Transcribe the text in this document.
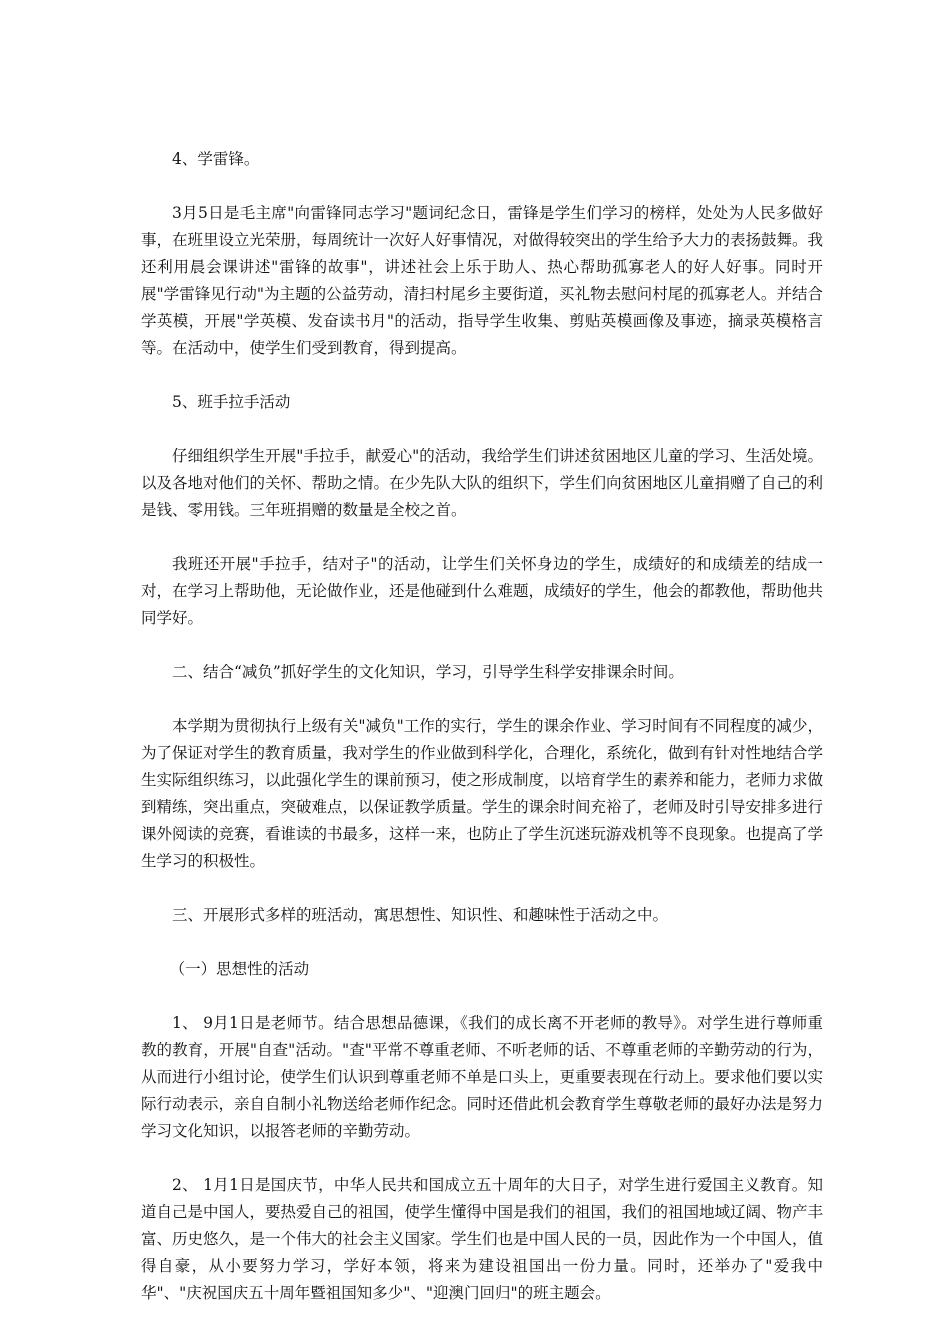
4、学雷锋。

3月5日是毛主席"向雷锋同志学习"题词纪念日，雷锋是学生们学习的榜样，处处为人民多做好事，在班里设立光荣册，每周统计一次好人好事情况，对做得较突出的学生给予大力的表扬鼓舞。我还利用晨会课讲述"雷锋的故事"，讲述社会上乐于助人、热心帮助孤寡老人的好人好事。同时开展"学雷锋见行动"为主题的公益劳动，清扫村尾乡主要街道，买礼物去慰问村尾的孤寡老人。并结合学英模，开展"学英模、发奋读书月"的活动，指导学生收集、剪贴英模画像及事迹，摘录英模格言等。在活动中，使学生们受到教育，得到提高。

5、班手拉手活动

仔细组织学生开展"手拉手，献爱心"的活动，我给学生们讲述贫困地区儿童的学习、生活处境。以及各地对他们的关怀、帮助之情。在少先队大队的组织下，学生们向贫困地区儿童捐赠了自己的利是钱、零用钱。三年班捐赠的数量是全校之首。

我班还开展"手拉手，结对子"的活动，让学生们关怀身边的学生，成绩好的和成绩差的结成一对，在学习上帮助他，无论做作业，还是他碰到什么难题，成绩好的学生，他会的都教他，帮助他共同学好。

二、结合“减负”抓好学生的文化知识，学习，引导学生科学安排课余时间。

本学期为贯彻执行上级有关"减负"工作的实行，学生的课余作业、学习时间有不同程度的减少，为了保证对学生的教育质量，我对学生的作业做到科学化，合理化，系统化，做到有针对性地结合学生实际组织练习，以此强化学生的课前预习，使之形成制度，以培育学生的素养和能力，老师力求做到精练，突出重点，突破难点，以保证教学质量。学生的课余时间充裕了，老师及时引导安排多进行课外阅读的竞赛，看谁读的书最多，这样一来，也防止了学生沉迷玩游戏机等不良现象。也提高了学生学习的积极性。

三、开展形式多样的班活动，寓思想性、知识性、和趣味性于活动之中。

（一）思想性的活动

1、 9月1日是老师节。结合思想品德课，《我们的成长离不开老师的教导》。对学生进行尊师重教的教育，开展"自查"活动。"查"平常不尊重老师、不听老师的话、不尊重老师的辛勤劳动的行为，从而进行小组讨论，使学生们认识到尊重老师不单是口头上，更重要表现在行动上。要求他们要以实际行动表示，亲自自制小礼物送给老师作纪念。同时还借此机会教育学生尊敬老师的最好办法是努力学习文化知识，以报答老师的辛勤劳动。

2、 1月1日是国庆节，中华人民共和国成立五十周年的大日子，对学生进行爱国主义教育。知道自己是中国人，要热爱自己的祖国，使学生懂得中国是我们的祖国，我们的祖国地域辽阔、物产丰富、历史悠久，是一个伟大的社会主义国家。学生们也是中国人民的一员，因此作为一个中国人，值得自豪，从小要努力学习，学好本领，将来为建设祖国出一份力量。同时，还举办了"爱我中华"、"庆祝国庆五十周年暨祖国知多少"、"迎澳门回归"的班主题会。
